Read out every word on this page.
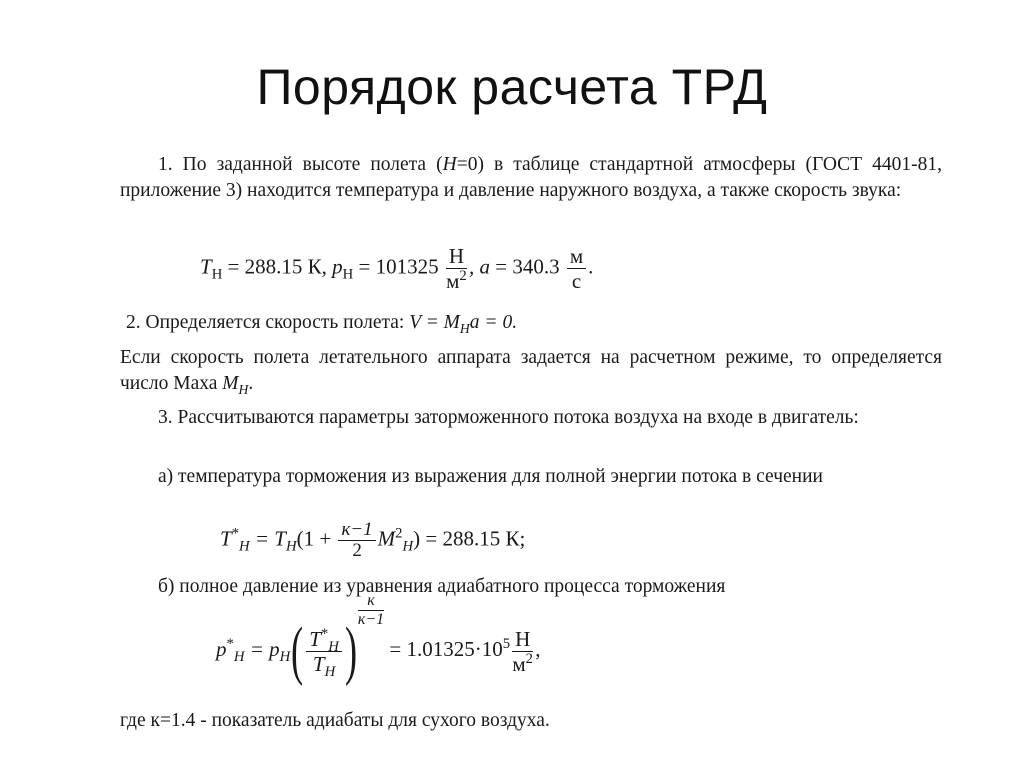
Порядок расчета ТРД

1. По заданной высоте полета (H=0) в таблице стандартной атмосферы (ГОСТ 4401-81, приложение 3) находится температура и давление наружного воздуха, а также скорость звука:

$T_Н = 288.15$ К, $p_Н = 101325 \frac{Н}{м^2}$ , $a = 340.3 \frac{м}{с}$ .

2. Определяется скорость полета: $V = M_Ha = 0$.

Если скорость полета летательного аппарата задается на расчетном режиме, то определяется число Маха $M_H$.

3. Рассчитываются параметры заторможенного потока воздуха на входе в двигатель:

а) температура торможения из выражения для полной энергии потока в сечении

$T^*_H = T_H(1 + \frac{к-1}{2} M^2_H) = 288.15$ К;

б) полное давление из уравнения адиабатного процесса торможения

$p^*_H = p_H( \frac{T^*_H}{T_H}$ )
$\frac{к}{к-1}$
= $1.01325\cdot 10^5 \frac{Н}{м^2}$ ,

где к=1.4 - показатель адиабаты для сухого воздуха.
